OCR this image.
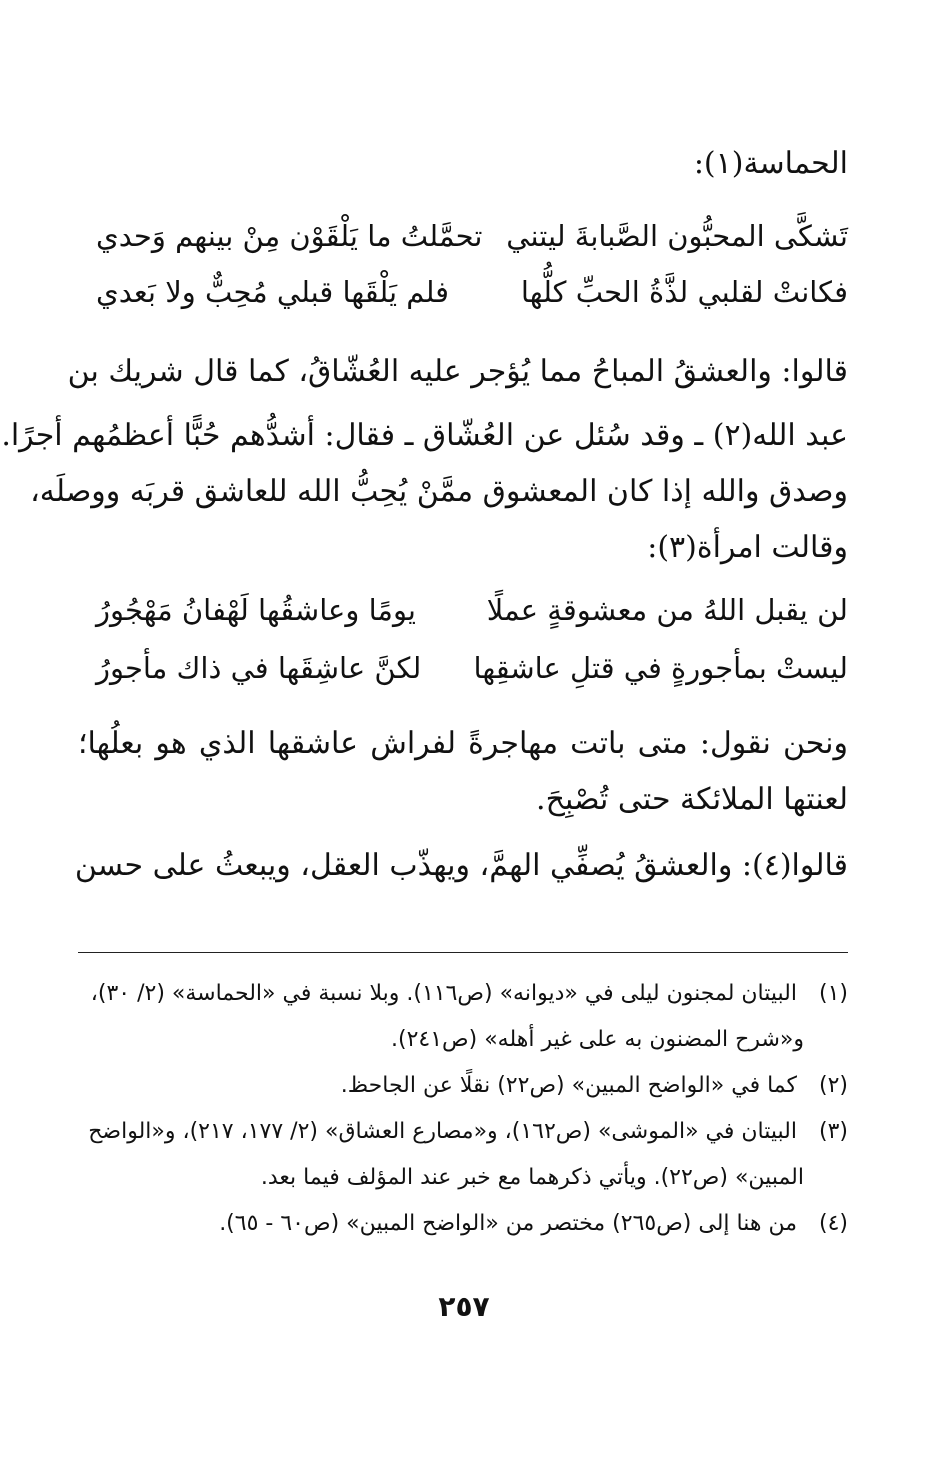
الحماسة(١):
تَشكَّى المحبُّون الصَّبابةَ ليتني
تحمَّلتُ ما يَلْقَوْن مِنْ بينهم وَحدي
فكانتْ لقلبي لذَّةُ الحبِّ كلُّها
فلم يَلْقَها قبلي مُحِبٌّ ولا بَعدي
قالوا: والعشقُ المباحُ مما يُؤجر عليه العُشّاقُ، كما قال شريك بن
عبد الله(٢) ـ وقد سُئل عن العُشّاق ـ فقال: أشدُّهم حُبًّا أعظمُهم أجرًا.
وصدق والله إذا كان المعشوق ممَّنْ يُحِبُّ الله للعاشق قربَه ووصلَه،
وقالت امرأة(٣):
لن يقبل اللهُ من معشوقةٍ عملًا
يومًا وعاشقُها لَهْفانُ مَهْجُورُ
ليستْ بمأجورةٍ في قتلِ عاشقِها
لكنَّ عاشِقَها في ذاك مأجورُ
ونحن نقول: متى باتت مهاجرةً لفراش عاشقها الذي هو بعلُها؛
لعنتها الملائكة حتى تُصْبِحَ.
قالوا(٤): والعشقُ يُصفِّي الهمَّ، ويهذّب العقل، ويبعثُ على حسن
(١) البيتان لمجنون ليلى في «ديوانه» (ص١١٦). وبلا نسبة في «الحماسة» (٢/ ٣٠)،
و«شرح المضنون به على غير أهله» (ص٢٤١).
(٢) كما في «الواضح المبين» (ص٢٢) نقلًا عن الجاحظ.
(٣) البيتان في «الموشى» (ص١٦٢)، و«مصارع العشاق» (٢/ ١٧٧، ٢١٧)، و«الواضح
المبين» (ص٢٢). ويأتي ذكرهما مع خبر عند المؤلف فيما بعد.
(٤) من هنا إلى (ص٢٦٥) مختصر من «الواضح المبين» (ص٦٠ - ٦٥).
٢٥٧
